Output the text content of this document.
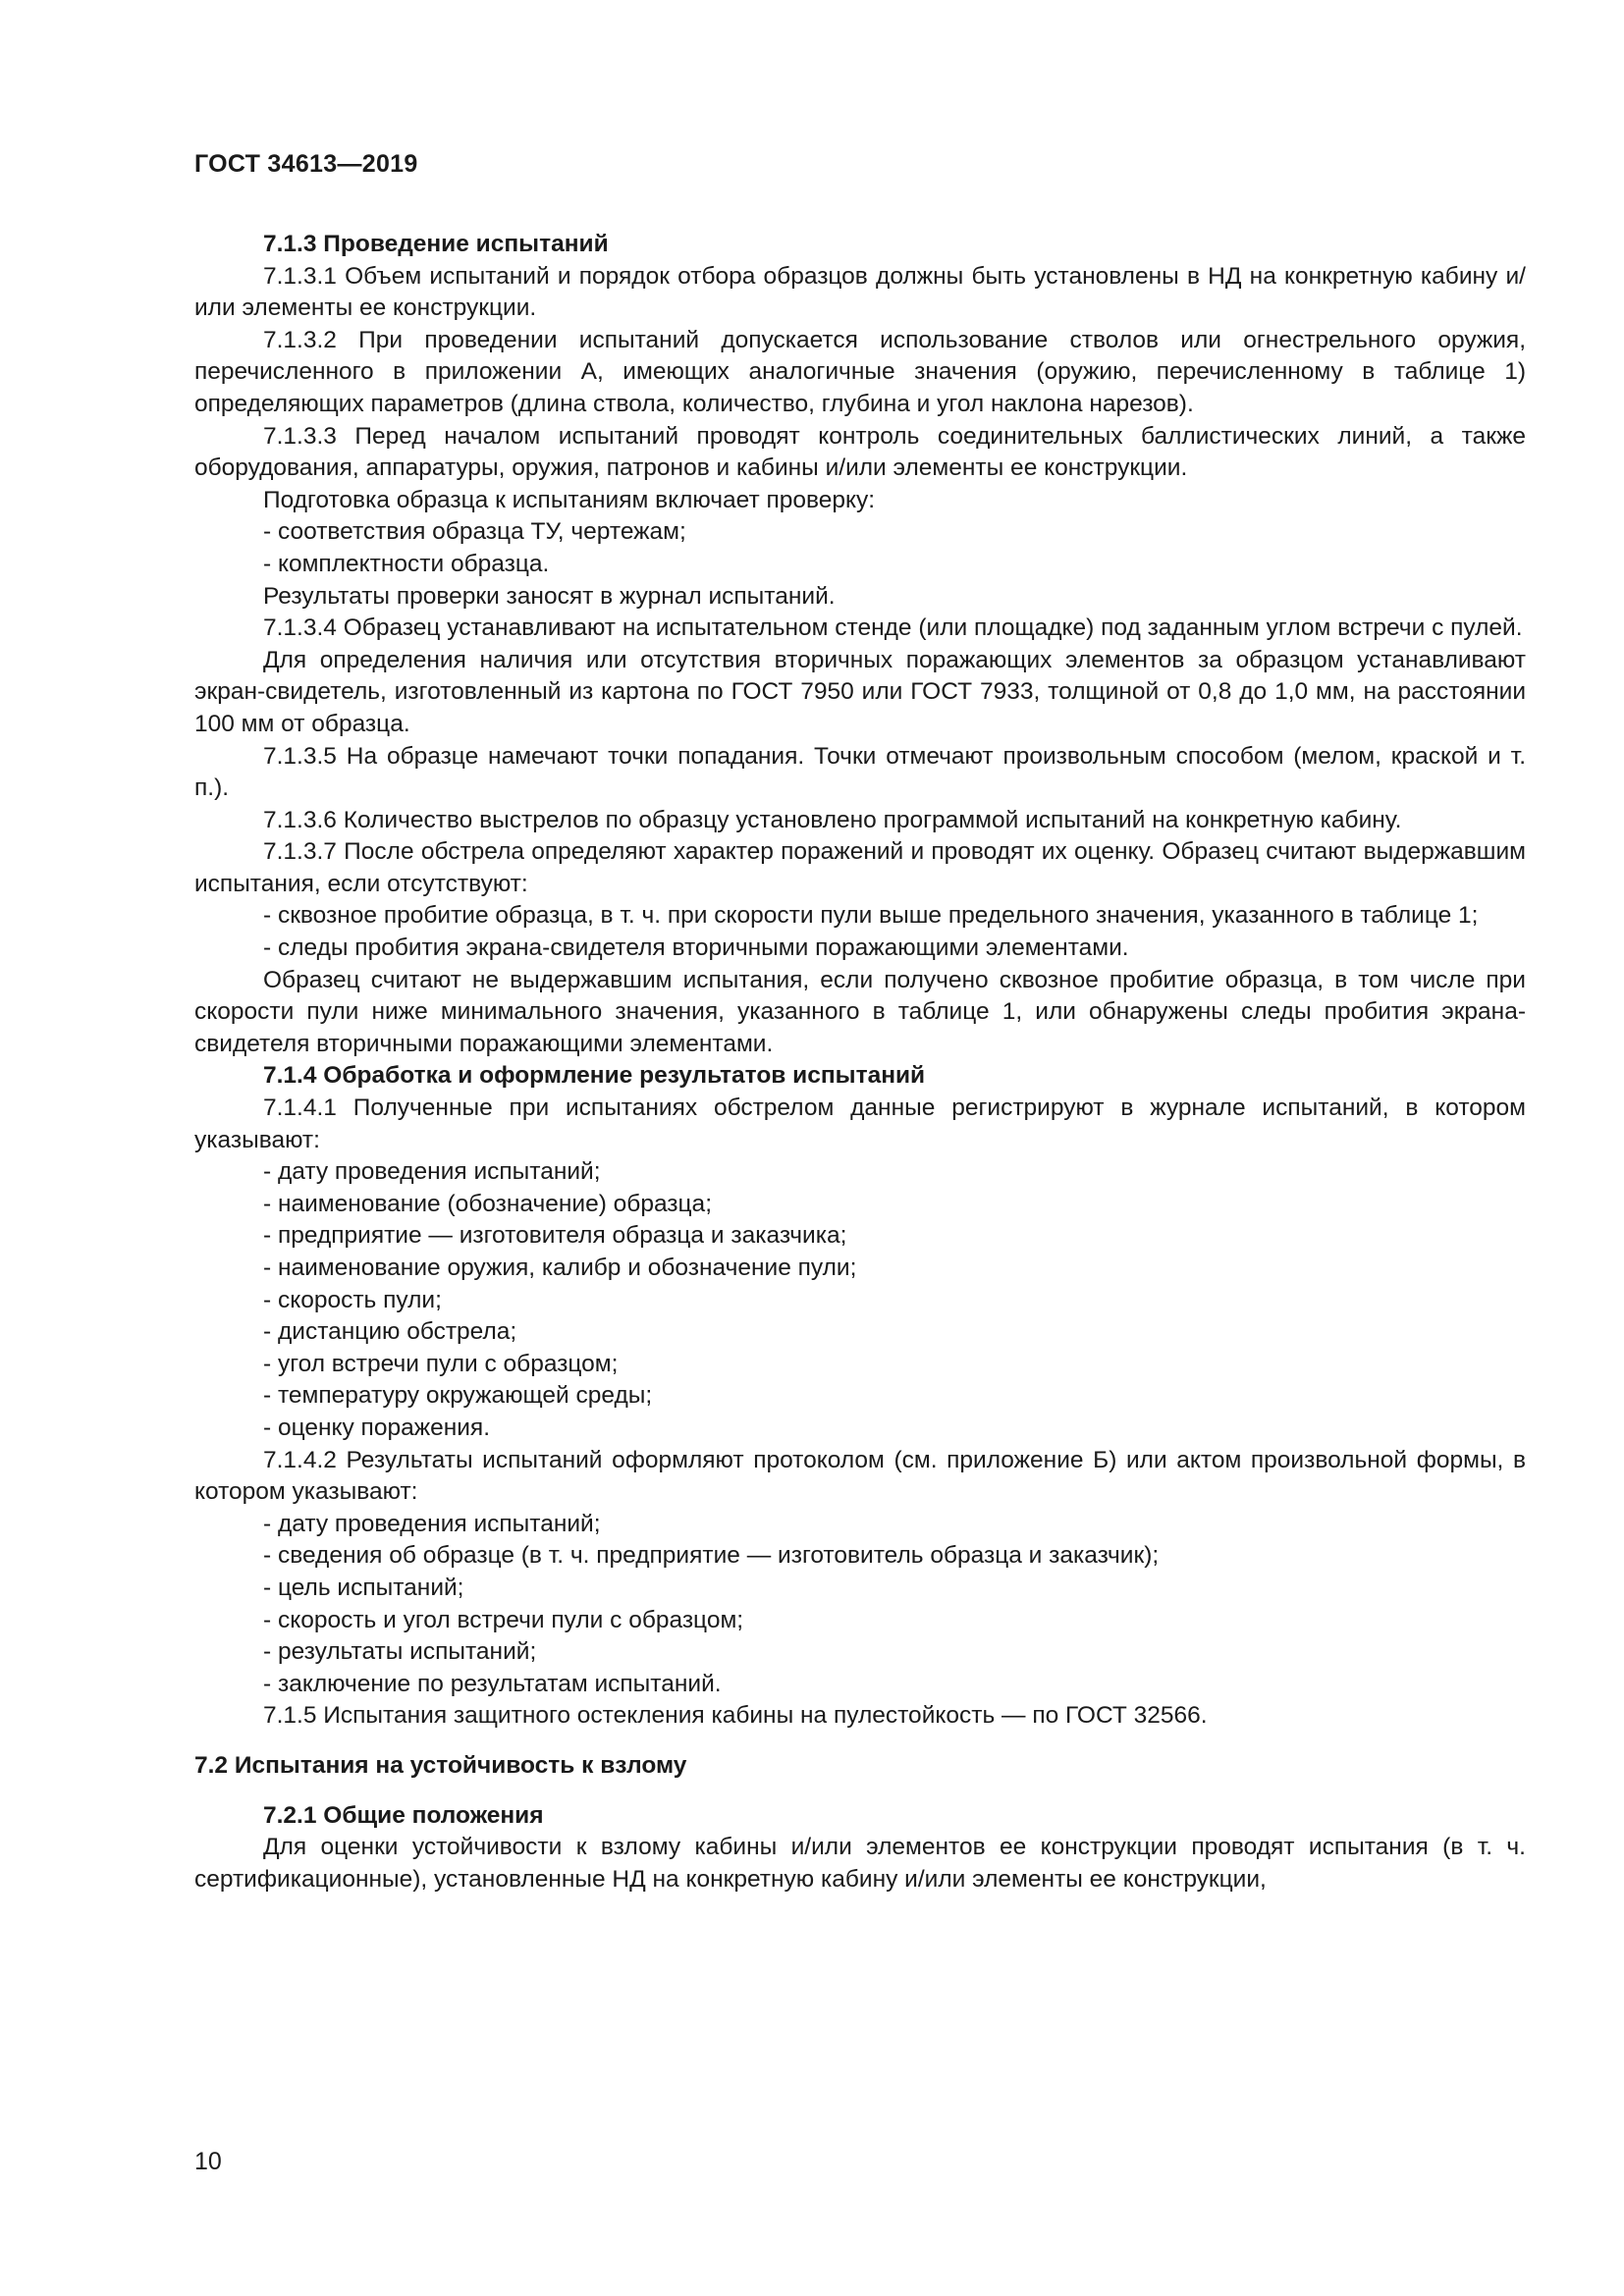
ГОСТ 34613—2019

7.1.3 Проведение испытаний

7.1.3.1 Объем испытаний и порядок отбора образцов должны быть установлены в НД на конкретную кабину и/или элементы ее конструкции.

7.1.3.2 При проведении испытаний допускается использование стволов или огнестрельного оружия, перечисленного в приложении А, имеющих аналогичные значения (оружию, перечисленному в таблице 1) определяющих параметров (длина ствола, количество, глубина и угол наклона нарезов).

7.1.3.3 Перед началом испытаний проводят контроль соединительных баллистических линий, а также оборудования, аппаратуры, оружия, патронов и кабины и/или элементы ее конструкции.

Подготовка образца к испытаниям включает проверку:

- соответствия образца ТУ, чертежам;

- комплектности образца.

Результаты проверки заносят в журнал испытаний.

7.1.3.4 Образец устанавливают на испытательном стенде (или площадке) под заданным углом встречи с пулей.

Для определения наличия или отсутствия вторичных поражающих элементов за образцом устанавливают экран-свидетель, изготовленный из картона по ГОСТ 7950 или ГОСТ 7933, толщиной от 0,8 до 1,0 мм, на расстоянии 100 мм от образца.

7.1.3.5 На образце намечают точки попадания. Точки отмечают произвольным способом (мелом, краской и т. п.).

7.1.3.6 Количество выстрелов по образцу установлено программой испытаний на конкретную кабину.

7.1.3.7 После обстрела определяют характер поражений и проводят их оценку. Образец считают выдержавшим испытания, если отсутствуют:

- сквозное пробитие образца, в т. ч. при скорости пули выше предельного значения, указанного в таблице 1;

- следы пробития экрана-свидетеля вторичными поражающими элементами.

Образец считают не выдержавшим испытания, если получено сквозное пробитие образца, в том числе при скорости пули ниже минимального значения, указанного в таблице 1, или обнаружены следы пробития экрана-свидетеля вторичными поражающими элементами.

7.1.4 Обработка и оформление результатов испытаний

7.1.4.1 Полученные при испытаниях обстрелом данные регистрируют в журнале испытаний, в котором указывают:

- дату проведения испытаний;

- наименование (обозначение) образца;

- предприятие — изготовителя образца и заказчика;

- наименование оружия, калибр и обозначение пули;

- скорость пули;

- дистанцию обстрела;

- угол встречи пули с образцом;

- температуру окружающей среды;

- оценку поражения.

7.1.4.2 Результаты испытаний оформляют протоколом (см. приложение Б) или актом произвольной формы, в котором указывают:

- дату проведения испытаний;

- сведения об образце (в т. ч. предприятие — изготовитель образца и заказчик);

- цель испытаний;

- скорость и угол встречи пули с образцом;

- результаты испытаний;

- заключение по результатам испытаний.

7.1.5 Испытания защитного остекления кабины на пулестойкость — по ГОСТ 32566.

7.2 Испытания на устойчивость к взлому

7.2.1 Общие положения

Для оценки устойчивости к взлому кабины и/или элементов ее конструкции проводят испытания (в т. ч. сертификационные), установленные НД на конкретную кабину и/или элементы ее конструкции,

10
